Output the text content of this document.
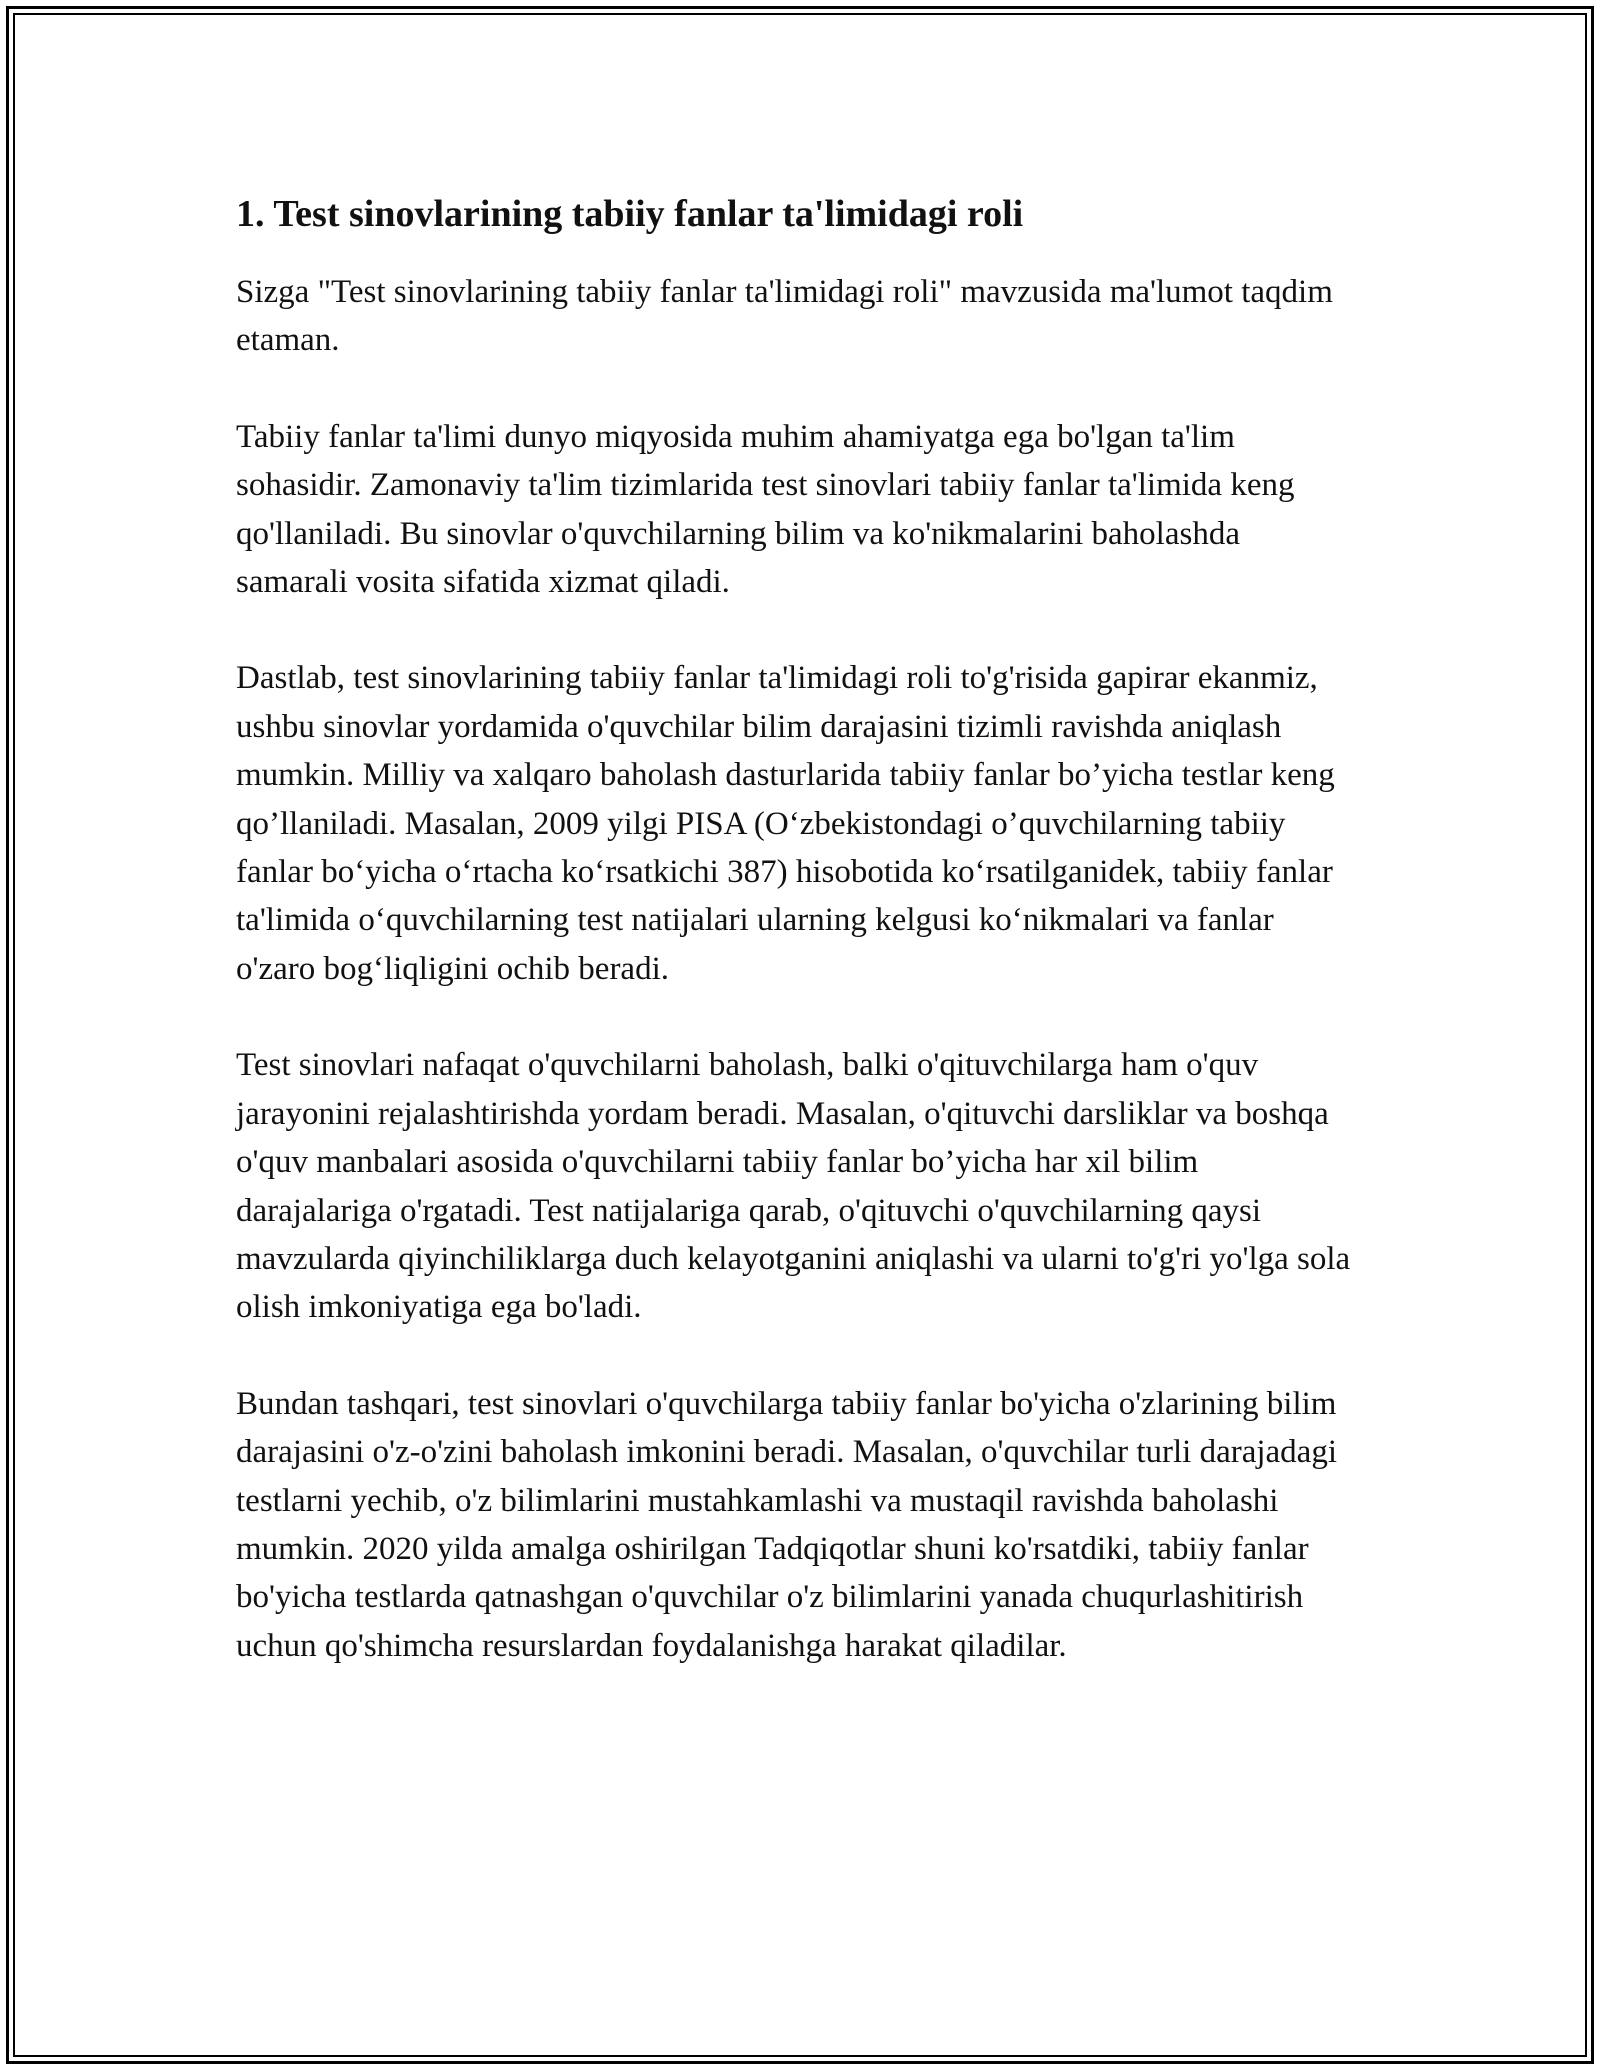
1. Test sinovlarining tabiiy fanlar ta'limidagi roli

Sizga "Test sinovlarining tabiiy fanlar ta'limidagi roli" mavzusida ma'lumot taqdim etaman.

Tabiiy fanlar ta'limi dunyo miqyosida muhim ahamiyatga ega bo'lgan ta'lim sohasidir. Zamonaviy ta'lim tizimlarida test sinovlari tabiiy fanlar ta'limida keng qo'llaniladi. Bu sinovlar o'quvchilarning bilim va ko'nikmalarini baholashda samarali vosita sifatida xizmat qiladi.

Dastlab, test sinovlarining tabiiy fanlar ta'limidagi roli to'g'risida gapirar ekanmiz, ushbu sinovlar yordamida o'quvchilar bilim darajasini tizimli ravishda aniqlash mumkin. Milliy va xalqaro baholash dasturlarida tabiiy fanlar bo’yicha testlar keng qo’llaniladi. Masalan, 2009 yilgi PISA (O‘zbekistondagi o’quvchilarning tabiiy fanlar bo‘yicha o‘rtacha ko‘rsatkichi 387) hisobotida ko‘rsatilganidek, tabiiy fanlar ta'limida o‘quvchilarning test natijalari ularning kelgusi ko‘nikmalari va fanlar o'zaro bog‘liqligini ochib beradi.

Test sinovlari nafaqat o'quvchilarni baholash, balki o'qituvchilarga ham o'quv jarayonini rejalashtirishda yordam beradi. Masalan, o'qituvchi darsliklar va boshqa o'quv manbalari asosida o'quvchilarni tabiiy fanlar bo’yicha har xil bilim darajalariga o'rgatadi. Test natijalariga qarab, o'qituvchi o'quvchilarning qaysi mavzularda qiyinchiliklarga duch kelayotganini aniqlashi va ularni to'g'ri yo'lga sola olish imkoniyatiga ega bo'ladi.

Bundan tashqari, test sinovlari o'quvchilarga tabiiy fanlar bo'yicha o'zlarining bilim darajasini o'z-o'zini baholash imkonini beradi. Masalan, o'quvchilar turli darajadagi testlarni yechib, o'z bilimlarini mustahkamlashi va mustaqil ravishda baholashi mumkin. 2020 yilda amalga oshirilgan Tadqiqotlar shuni ko'rsatdiki, tabiiy fanlar bo'yicha testlarda qatnashgan o'quvchilar o'z bilimlarini yanada chuqurlashitirish uchun qo'shimcha resurslardan foydalanishga harakat qiladilar.
